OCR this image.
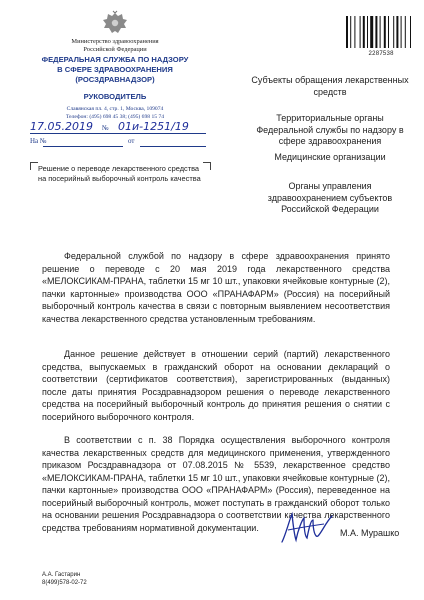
Министерство здравоохранения
Российской Федерации
ФЕДЕРАЛЬНАЯ СЛУЖБА ПО НАДЗОРУ
В СФЕРЕ ЗДРАВООХРАНЕНИЯ
(РОСЗДРАВНАДЗОР)
РУКОВОДИТЕЛЬ
Славянская пл. 4, стр. 1, Москва, 109074
Телефон: (495) 698 45 38; (495) 698 15 74
17.05.2019	№ 01и-1251/19
На №	от
Решение о переводе лекарственного средства на посерийный выборочный контроль качества
2287538
Субъекты обращения лекарственных средств
Территориальные органы Федеральной службы по надзору в сфере здравоохранения
Медицинские организации
Органы управления здравоохранением субъектов Российской Федерации

Федеральной службой по надзору в сфере здравоохранения принято решение о переводе с 20 мая 2019 года лекарственного средства «МЕЛОКСИКАМ-ПРАНА, таблетки 15 мг 10 шт., упаковки ячейковые контурные (2), пачки картонные» производства ООО «ПРАНАФАРМ» (Россия) на посерийный выборочный контроль качества в связи с повторным выявлением несоответствия качества лекарственного средства установленным требованиям.

Данное решение действует в отношении серий (партий) лекарственного средства, выпускаемых в гражданский оборот на основании деклараций о соответствии (сертификатов соответствия), зарегистрированных (выданных) после даты принятия Росздравнадзором решения о переводе лекарственного средства на посерийный выборочный контроль до принятия решения о снятии с посерийного выборочного контроля.

В соответствии с п. 38 Порядка осуществления выборочного контроля качества лекарственных средств для медицинского применения, утвержденного приказом Росздравнадзора от 07.08.2015 № 5539, лекарственное средство «МЕЛОКСИКАМ-ПРАНА, таблетки 15 мг 10 шт., упаковки ячейковые контурные (2), пачки картонные» производства ООО «ПРАНАФАРМ» (Россия), переведенное на посерийный выборочный контроль, может поступать в гражданский оборот только на основании решения Росздравнадзора о соответствии качества лекарственного средства требованиям нормативной документации.

М.А. Мурашко
А.А. Гастарин
8(499)578-02-72
